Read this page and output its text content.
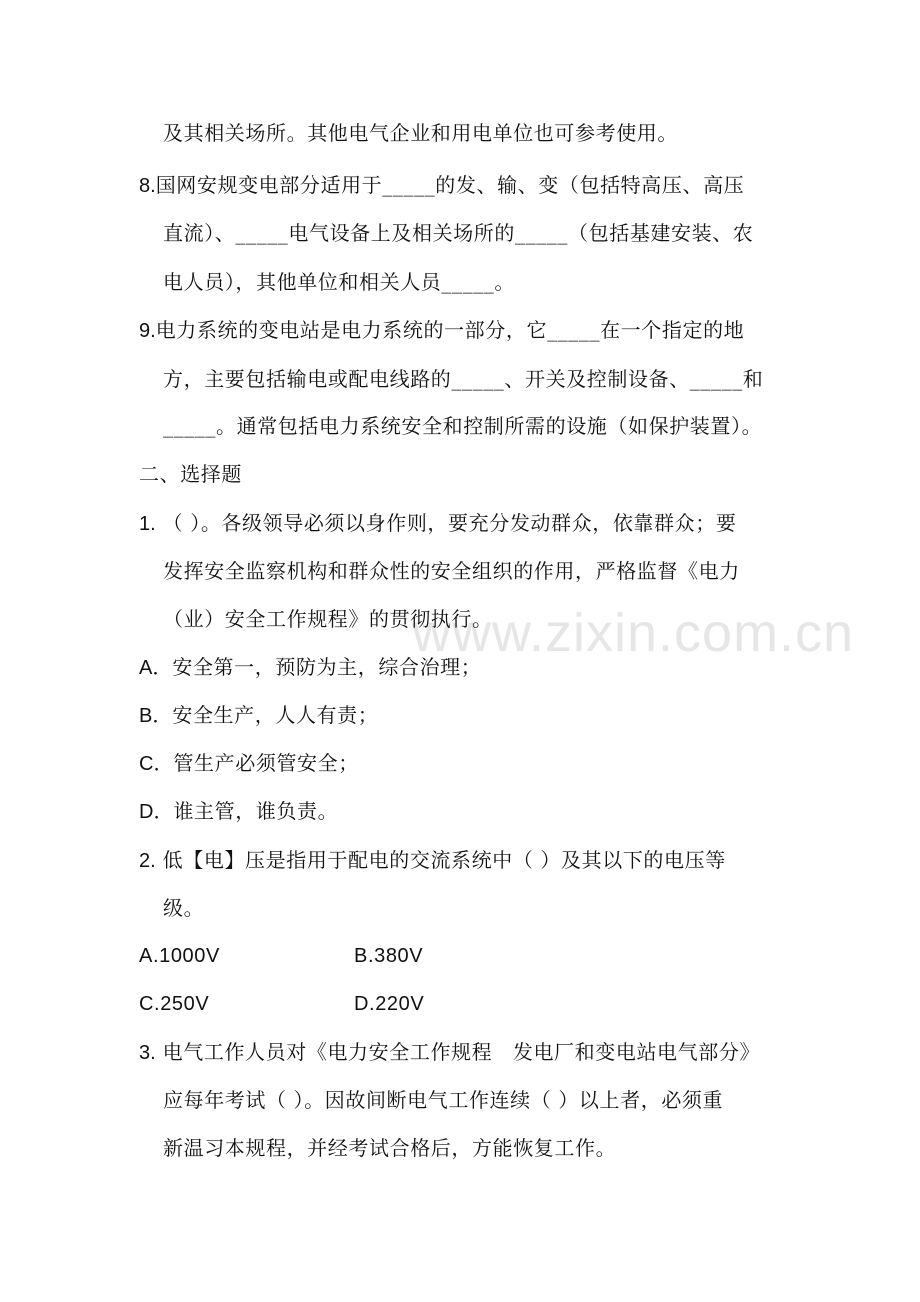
www.zixin.com.cn
及其相关场所。其他电气企业和用电单位也可参考使用。
8.国网安规变电部分适用于_____的发、输、变（包括特高压、高压
直流）、_____电气设备上及相关场所的_____（包括基建安装、农
电人员），其他单位和相关人员_____。
9.电力系统的变电站是电力系统的一部分，它_____在一个指定的地
方，主要包括输电或配电线路的_____、开关及控制设备、_____和
_____。通常包括电力系统安全和控制所需的设施（如保护装置）。
二、选择题
1. （ ）。各级领导必须以身作则，要充分发动群众，依靠群众；要
发挥安全监察机构和群众性的安全组织的作用，严格监督《电力
（业）安全工作规程》的贯彻执行。
A．安全第一，预防为主，综合治理；
B．安全生产，人人有责；
C．管生产必须管安全；
D．谁主管，谁负责。
2. 低【电】压是指用于配电的交流系统中（ ）及其以下的电压等
级。
A.1000V	B.380V
C.250V	D.220V
3. 电气工作人员对《电力安全工作规程　发电厂和变电站电气部分》
应每年考试（ ）。因故间断电气工作连续（ ）以上者，必须重
新温习本规程，并经考试合格后，方能恢复工作。
